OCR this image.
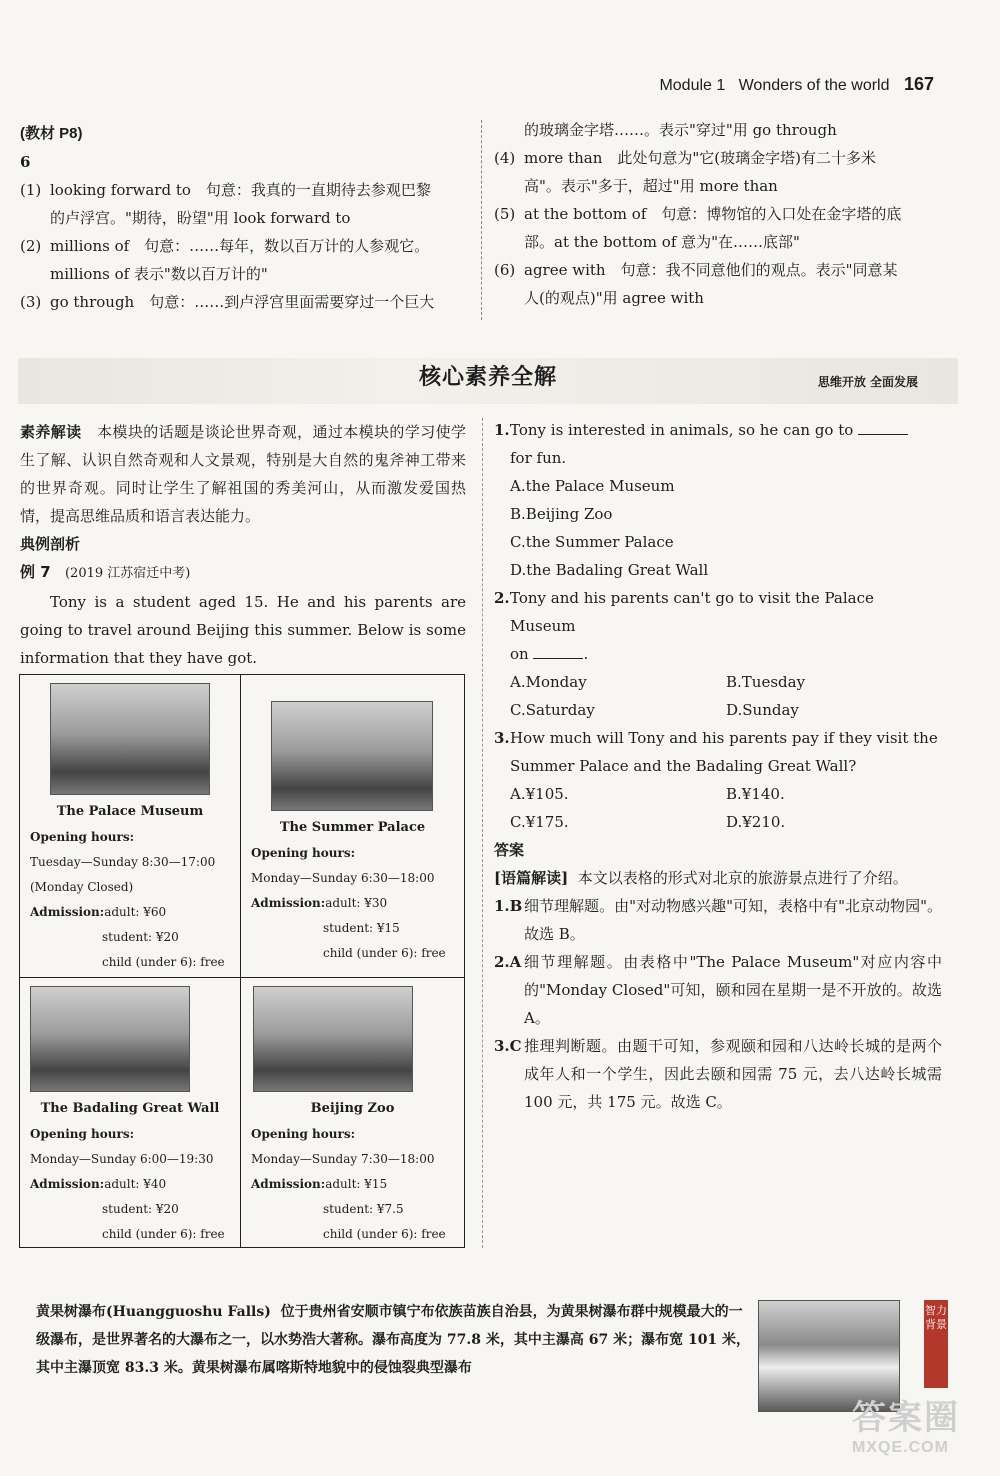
Module 1 Wonders of the world 167
(教材 P8)
6
(1) looking forward to　句意：我真的一直期待去参观巴黎
的卢浮宫。"期待，盼望"用 look forward to
(2) millions of　句意：……每年，数以百万计的人参观它。
millions of 表示"数以百万计的"
(3) go through　句意：……到卢浮宫里面需要穿过一个巨大
的玻璃金字塔……。表示"穿过"用 go through
(4) more than　此处句意为"它(玻璃金字塔)有二十多米
高"。表示"多于，超过"用 more than
(5) at the bottom of　句意：博物馆的入口处在金字塔的底
部。at the bottom of 意为"在……底部"
(6) agree with　句意：我不同意他们的观点。表示"同意某
人(的观点)"用 agree with
核心素养全解	思维开放 全面发展

素养解读 本模块的话题是谈论世界奇观，通过本模块的学习使学生了解、认识自然奇观和人文景观，特别是大自然的鬼斧神工带来的世界奇观。同时让学生了解祖国的秀美河山，从而激发爱国热情，提高思维品质和语言表达能力。

典例剖析
例 7 (2019 江苏宿迁中考)

Tony is a student aged 15. He and his parents are going to travel around Beijing this summer. Below is some information that they have got.

The Palace Museum
Opening hours:
Tuesday—Sunday 8:30—17:00
(Monday Closed)
Admission:adult: ¥60
student: ¥20
child (under 6): free
The Summer Palace
Opening hours:
Monday—Sunday 6:30—18:00
Admission:adult: ¥30
student: ¥15
child (under 6): free
The Badaling Great Wall
Opening hours:
Monday—Sunday 6:00—19:30
Admission:adult: ¥40
student: ¥20
child (under 6): free
Beijing Zoo
Opening hours:
Monday—Sunday 7:30—18:00
Admission:adult: ¥15
student: ¥7.5
child (under 6): free
1. Tony is interested in animals, so he can go to
for fun.
A.the Palace Museum
B.Beijing Zoo
C.the Summer Palace
D.the Badaling Great Wall
2. Tony and his parents can't go to visit the Palace Museum
on	.
A.Monday	B.Tuesday
C.Saturday	D.Sunday
3. How much will Tony and his parents pay if they visit the
Summer Palace and the Badaling Great Wall?
A.¥105.	B.¥140.
C.¥175.	D.¥210.
答案
[语篇解读] 本文以表格的形式对北京的旅游景点进行了介绍。
1.B 细节理解题。由"对动物感兴趣"可知，表格中有"北京动物园"。故选 B。
2.A 细节理解题。由表格中"The Palace Museum"对应内容中的"Monday Closed"可知，颐和园在星期一是不开放的。故选 A。
3.C 推理判断题。由题干可知，参观颐和园和八达岭长城的是两个成年人和一个学生，因此去颐和园需 75 元，去八达岭长城需 100 元，共 175 元。故选 C。
黄果树瀑布(Huangguoshu Falls) 位于贵州省安顺市镇宁布依族苗族自治县，为黄果树瀑布群中规模最大的一级瀑布，是世界著名的大瀑布之一，以水势浩大著称。瀑布高度为 77.8 米，其中主瀑高 67 米；瀑布宽 101 米，其中主瀑顶宽 83.3 米。黄果树瀑布属喀斯特地貌中的侵蚀裂典型瀑布
智力背景
答案圈
MXQE.COM
